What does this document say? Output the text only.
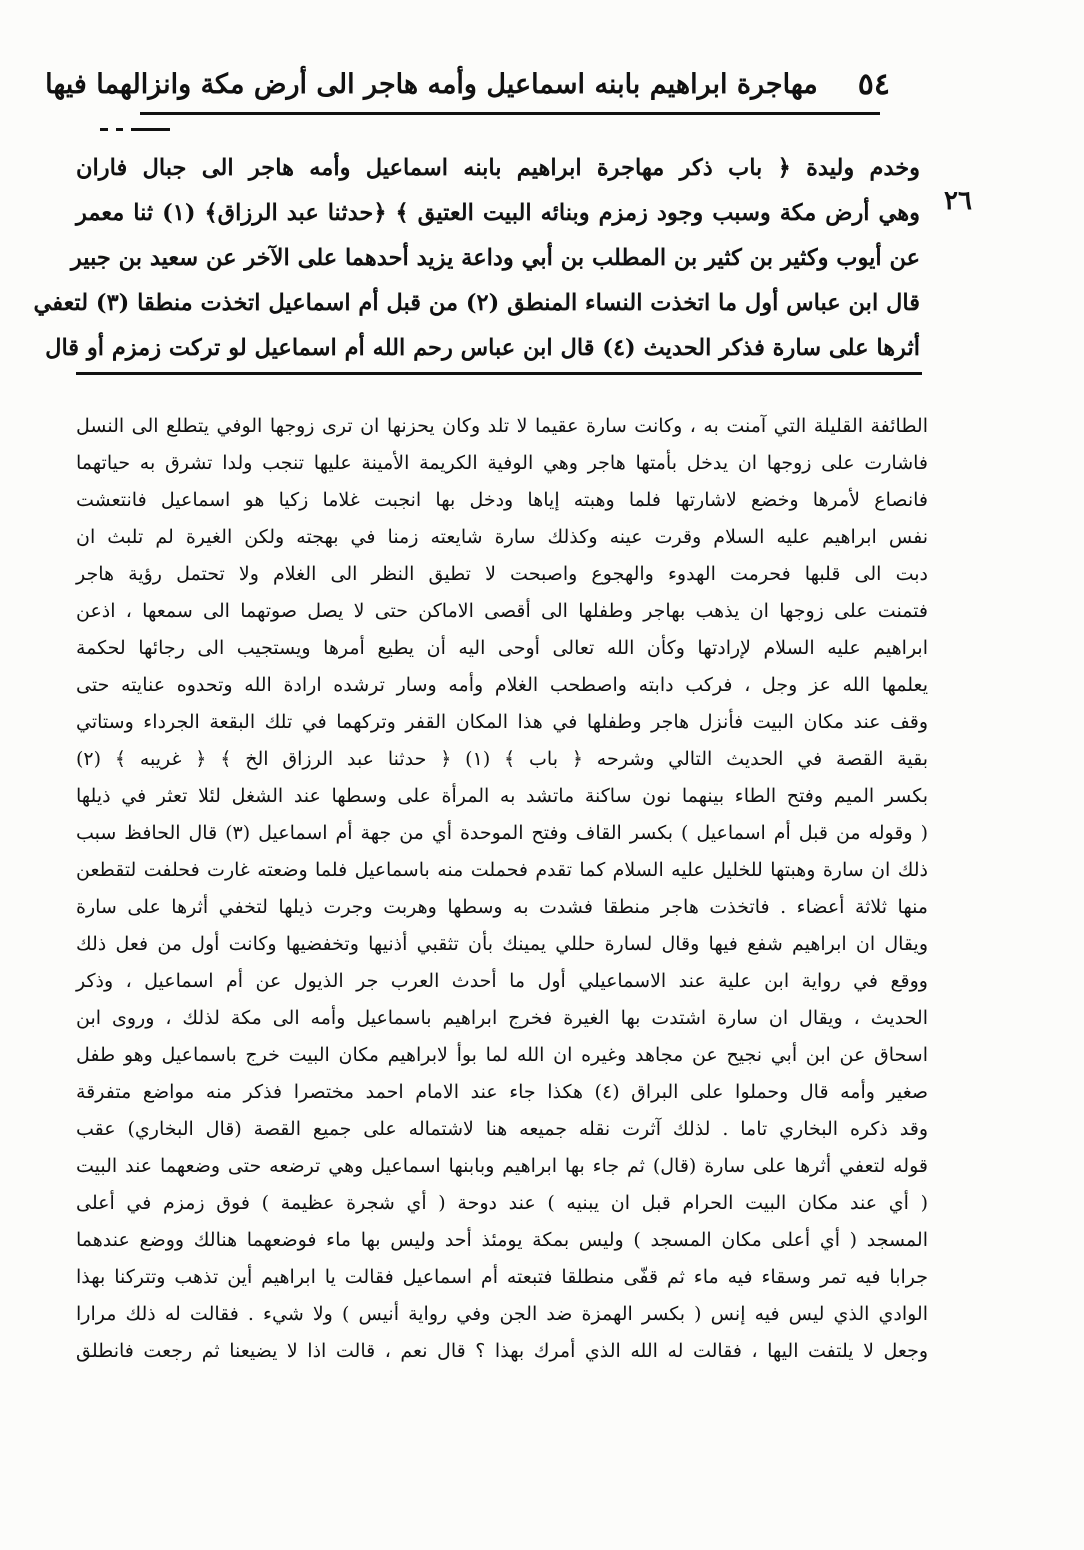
٥٤
مهاجرة ابراهيم بابنه اسماعيل وأمه هاجر الى أرض مكة وانزالهما فيها
٢٦
وخدم وليدة ﴿ باب ذكر مهاجرة ابراهيم بابنه اسماعيل وأمه هاجر الى جبال فاران
وهي أرض مكة وسبب وجود زمزم وبنائه البيت العتيق ﴾ ﴿حدثنا عبد الرزاق﴾ (١) ثنا معمر
عن أيوب وكثير بن كثير بن المطلب بن أبي وداعة يزيد أحدهما على الآخر عن سعيد بن جبير
قال ابن عباس أول ما اتخذت النساء المنطق (٢) من قبل أم اسماعيل اتخذت منطقا (٣) لتعفي
أثرها على سارة فذكر الحديث (٤) قال ابن عباس رحم الله أم اسماعيل لو تركت زمزم أو قال
الطائفة القليلة التي آمنت به ، وكانت سارة عقيما لا تلد وكان يحزنها ان ترى زوجها الوفي يتطلع الى النسل
فاشارت على زوجها ان يدخل بأمتها هاجر وهي الوفية الكريمة الأمينة عليها تنجب ولدا تشرق به حياتهما
فانصاع لأمرها وخضع لاشارتها فلما وهبته إياها ودخل بها انجبت غلاما زكيا هو اسماعيل فانتعشت
نفس ابراهيم عليه السلام وقرت عينه وكذلك سارة شايعته زمنا في بهجته ولكن الغيرة لم تلبث ان
دبت الى قلبها فحرمت الهدوء والهجوع واصبحت لا تطيق النظر الى الغلام ولا تحتمل رؤية هاجر
فتمنت على زوجها ان يذهب بهاجر وطفلها الى أقصى الاماكن حتى لا يصل صوتهما الى سمعها ، اذعن
ابراهيم عليه السلام لإرادتها وكأن الله تعالى أوحى اليه أن يطيع أمرها ويستجيب الى رجائها لحكمة
يعلمها الله عز وجل ، فركب دابته واصطحب الغلام وأمه وسار ترشده ارادة الله وتحدوه عنايته حتى
وقف عند مكان البيت فأنزل هاجر وطفلها في هذا المكان القفر وتركهما في تلك البقعة الجرداء وستاتي
بقية القصة في الحديث التالي وشرحه ﴿ باب ﴾ (١) ﴿ حدثنا عبد الرزاق الخ ﴾ ﴿ غريبه ﴾ (٢)
بكسر الميم وفتح الطاء بينهما نون ساكنة ماتشد به المرأة على وسطها عند الشغل لئلا تعثر في ذيلها
( وقوله من قبل أم اسماعيل ) بكسر القاف وفتح الموحدة أي من جهة أم اسماعيل (٣) قال الحافظ سبب
ذلك ان سارة وهبتها للخليل عليه السلام كما تقدم فحملت منه باسماعيل فلما وضعته غارت فحلفت لتقطعن
منها ثلاثة أعضاء . فاتخذت هاجر منطقا فشدت به وسطها وهربت وجرت ذيلها لتخفي أثرها على سارة
ويقال ان ابراهيم شفع فيها وقال لسارة حللي يمينك بأن تثقبي أذنيها وتخفضيها وكانت أول من فعل ذلك
ووقع في رواية ابن علية عند الاسماعيلي أول ما أحدث العرب جر الذيول عن أم اسماعيل ، وذكر
الحديث ، ويقال ان سارة اشتدت بها الغيرة فخرج ابراهيم باسماعيل وأمه الى مكة لذلك ، وروى ابن
اسحاق عن ابن أبي نجيح عن مجاهد وغيره ان الله لما بوأ لابراهيم مكان البيت خرج باسماعيل وهو طفل
صغير وأمه قال وحملوا على البراق (٤) هكذا جاء عند الامام احمد مختصرا فذكر منه مواضع متفرقة
وقد ذكره البخاري تاما . لذلك آثرت نقله جميعه هنا لاشتماله على جميع القصة (قال البخاري) عقب
قوله لتعفي أثرها على سارة (قال) ثم جاء بها ابراهيم وبابنها اسماعيل وهي ترضعه حتى وضعهما عند البيت
( أي عند مكان البيت الحرام قبل ان يبنيه ) عند دوحة ( أي شجرة عظيمة ) فوق زمزم في أعلى
المسجد ( أي أعلى مكان المسجد ) وليس بمكة يومئذ أحد وليس بها ماء فوضعهما هنالك ووضع عندهما
جرابا فيه تمر وسقاء فيه ماء ثم قفّى منطلقا فتبعته أم اسماعيل فقالت يا ابراهيم أين تذهب وتتركنا بهذا
الوادي الذي ليس فيه إنس ( بكسر الهمزة ضد الجن وفي رواية أنيس ) ولا شيء . فقالت له ذلك مرارا
وجعل لا يلتفت اليها ، فقالت له الله الذي أمرك بهذا ؟ قال نعم ، قالت اذا لا يضيعنا ثم رجعت فانطلق
